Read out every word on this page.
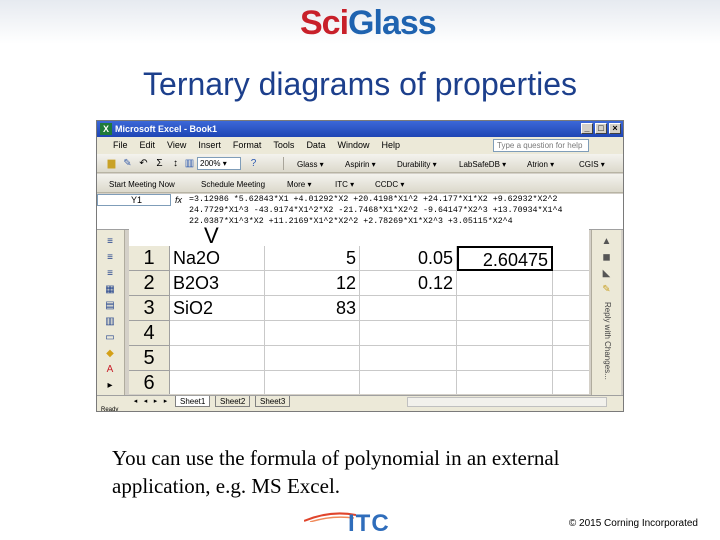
SciGlass
Ternary diagrams of properties
X Microsoft Excel - Book1	_ □ ×
File	Edit	View	Insert	Format	Tools	Data	Window	Help	Type a question for help
▆ ✎ ↶ Σ	↕ ▥ 200% ▾	?	Glass ▾	Aspirin ▾	Durability ▾	LabSafeDB ▾	Atrion ▾	CGIS ▾
Start Meeting Now	Schedule Meeting	More ▾	ITC ▾	CCDC ▾
Y1	fx =3.12986 *5.62843*X1 +4.01292*X2 +20.4198*X1^2 +24.177*X1*X2 +9.62932*X2^2
24.7729*X1^3 -43.9174*X1^2*X2 -21.7468*X1*X2^2 -9.64147*X2^3 +13.70934*X1^4
22.0387*X1^3*X2 +11.2169*X1^2*X2^2 +2.78269*X1*X2^3 +3.05115*X2^4
≡
≡
≡
▦
▤
▥
▭
◆
A
▸
V
1	Na2O	5	0.05	2.60475
2	B2O3	12	0.12
3	SiO2	83
4
5
6
▲
◼
◣
✎
Reply with Changes...
◂ ◂ ▸ ▸	Sheet1	Sheet2	Sheet3
Ready
You can use the formula of polynomial in an external
application, e.g. MS Excel.
ITC	© 2015 Corning Incorporated
